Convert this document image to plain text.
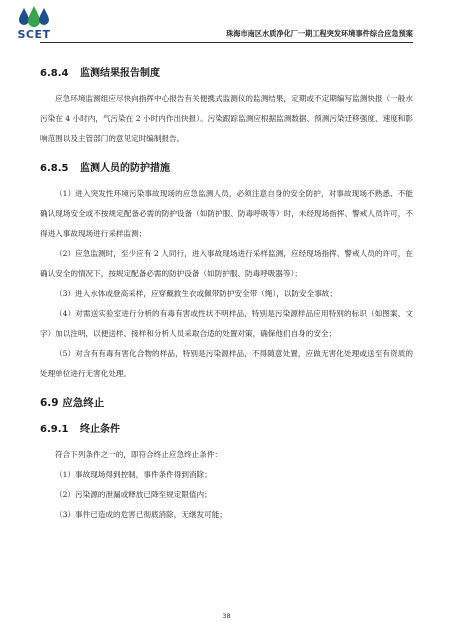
SCET	珠海市南区水质净化厂一期工程突发环境事件综合应急预案
6.8.4 监测结果报告制度

应急环境监测组应尽快向指挥中心报告有关便携式监测仪的监测结果，定期或不定期编写监测快报（一般水污染在 4 小时内，气污染在 2 小时内作出快报）。污染跟踪监测应根据监测数据、预测污染迁移强度、速度和影响范围以及主管部门的意见定时编制报告。

6.8.5 监测人员的防护措施

（1）进入突发性环境污染事故现场的应急监测人员，必须注意自身的安全防护，对事故现场不熟悉、不能确认现场安全或不按规定配备必需的防护设备（如防护服、防毒呼吸等）时，未经现场指挥、警戒人员许可，不得进入事故现场进行采样监测；

（2）应急监测时，至少应有 2 人同行，进入事故现场进行采样监测，应经现场指挥、警戒人员的许可，在确认安全的情况下，按规定配备必需的防护设备（如防护服、防毒呼吸器等）；

（3）进入水体或登高采样，应穿戴救生衣或佩带防护安全带（绳），以防安全事故；

（4）对需送实验室进行分析的有毒有害或性状不明样品，特别是污染源样品应用特别的标识（如图案、文字）加以注明，以便送样、接样和分析人员采取合适的处置对策，确保他们自身的安全；

（5）对含有有毒有害化合物的样品，特别是污染源样品，不得随意处置，应做无害化处理或送至有资质的处理单位进行无害化处理。

6.9 应急终止
6.9.1 终止条件

符合下列条件之一的，即符合终止应急终止条件：

（1）事故现场得到控制，事件条件得到消除；

（2）污染源的泄漏或释放已降至规定限值内；

（3）事件已造成的危害已彻底消除，无继发可能；

38
